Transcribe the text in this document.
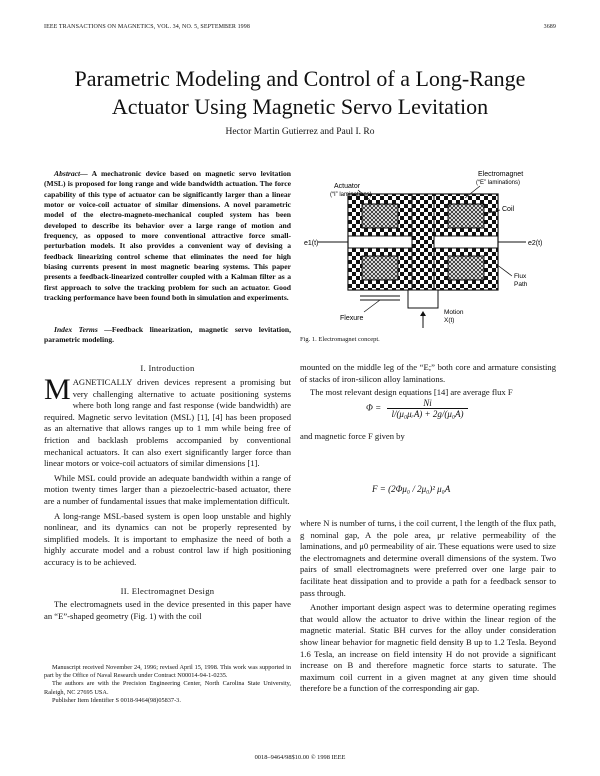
IEEE TRANSACTIONS ON MAGNETICS, VOL. 34, NO. 5, SEPTEMBER 1998	3689
Parametric Modeling and Control of a Long-Range
Actuator Using Magnetic Servo Levitation
Hector Martin Gutierrez and Paul I. Ro

Abstract— A mechatronic device based on magnetic servo levitation (MSL) is proposed for long range and wide bandwidth actuation. The force capability of this type of actuator can be significantly larger than a linear motor or voice-coil actuator of similar dimensions. A novel parametric model of the electro-magneto-mechanical coupled system has been developed to describe its behavior over a large range of motion and frequency, as opposed to more conventional attractive force small-perturbation models. It also provides a convenient way of devising a feedback linearizing control scheme that eliminates the need for high biasing currents present in most magnetic bearing systems. This paper presents a feedback-linearized controller coupled with a Kalman filter as a first approach to solve the tracking problem for such an actuator. Good tracking performance have been found both in simulation and experiments.

Index Terms —Feedback linearization, magnetic servo levitation, parametric modeling.

I. Introduction

MAGNETICALLY driven devices represent a promising but very challenging alternative to actuate positioning systems where both long range and fast response (wide bandwidth) are required. Magnetic servo levitation (MSL) [1], [4] has been proposed as an alternative that allows ranges up to 1 mm while being free of friction and backlash problems accompanied by conventional mechanical actuators. It can also exert significantly larger force than linear motors or voice-coil actuators of similar dimensions [1].

While MSL could provide an adequate bandwidth within a range of motion twenty times larger than a piezoelectric-based actuator, there are a number of fundamental issues that make implementation difficult.

A long-range MSL-based system is open loop unstable and highly nonlinear, and its dynamics can not be properly represented by simplified models. It is important to emphasize the need of both a highly accurate model and a robust control law if high positioning accuracy is to be achieved.

II. Electromagnet Design

The electromagnets used in the device presented in this paper have an “E”-shaped geometry (Fig. 1) with the coil

Manuscript received November 24, 1996; revised April 15, 1998. This work was supported in part by the Office of Naval Research under Contract N00014-94-1-0235.

The authors are with the Precision Engineering Center, North Carolina State University, Raleigh, NC 27695 USA.

Publisher Item Identifier S 0018-9464(98)05837-3.

Actuator
(“I” laminations)
Electromagnet
(“E” laminations)
Coil
e1(t)	e2(t)
Flux
Path
Motion
X(t)
Flexure
Fig. 1. Electromagnet concept.

mounted on the middle leg of the “E;” both core and armature consisting of stacks of iron-silicon alloy laminations.

The most relevant design equations [14] are average flux F

Φ =	Ni
l/(μ₀μᵣA) + 2g/(μ₀A)

and magnetic force F given by

F = (2Φμ₀ / 2μ₀)² μ₀A

where N is number of turns, i the coil current, l the length of the flux path, g nominal gap, A the pole area, μr relative permeability of the laminations, and μ0 permeability of air. These equations were used to size the electromagnets and determine overall dimensions of the system. Two pairs of small electromagnets were preferred over one large pair to facilitate heat dissipation and to provide a path for a feedback sensor to pass through.

Another important design aspect was to determine operating regimes that would allow the actuator to drive within the linear region of the magnetic material. Static BH curves for the alloy under consideration show linear behavior for magnetic field density B up to 1.2 Tesla. Beyond 1.6 Tesla, an increase on field intensity H do not provide a significant increase on B and therefore magnetic force starts to saturate. The maximum coil current in a given magnet at any given time should therefore be a function of the corresponding air gap.

0018–9464/98$10.00 © 1998 IEEE
